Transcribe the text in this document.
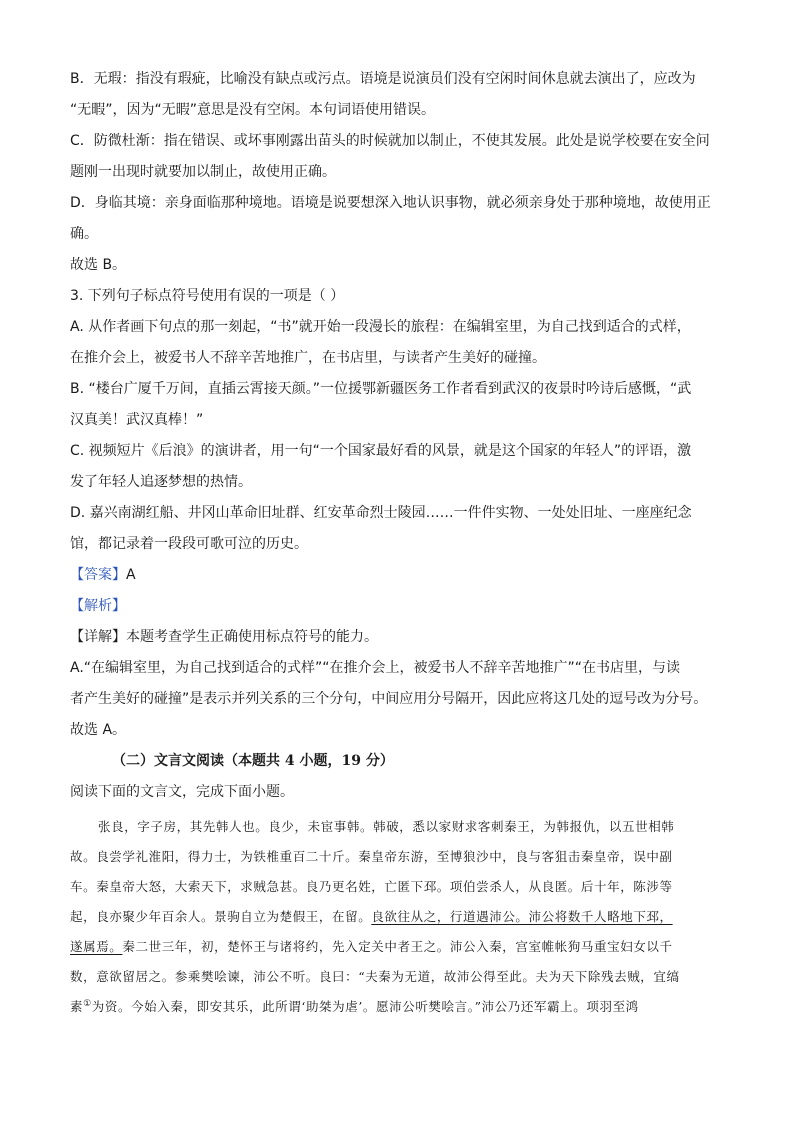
B．无瑕：指没有瑕疵，比喻没有缺点或污点。语境是说演员们没有空闲时间休息就去演出了，应改为
“无暇”，因为“无暇”意思是没有空闲。本句词语使用错误。
C．防微杜渐：指在错误、或坏事刚露出苗头的时候就加以制止，不使其发展。此处是说学校要在安全问
题刚一出现时就要加以制止，故使用正确。
D．身临其境：亲身面临那种境地。语境是说要想深入地认识事物，就必须亲身处于那种境地，故使用正
确。
故选 B。
3. 下列句子标点符号使用有误的一项是（ ）
A. 从作者画下句点的那一刻起，“书”就开始一段漫长的旅程：在编辑室里，为自己找到适合的式样，
在推介会上，被爱书人不辞辛苦地推广，在书店里，与读者产生美好的碰撞。
B. “楼台广厦千万间，直插云霄接天颜。”一位援鄂新疆医务工作者看到武汉的夜景时吟诗后感慨，“武
汉真美！武汉真棒！”
C. 视频短片《后浪》的演讲者，用一句“一个国家最好看的风景，就是这个国家的年轻人”的评语，激
发了年轻人追逐梦想的热情。
D. 嘉兴南湖红船、井冈山革命旧址群、红安革命烈士陵园……一件件实物、一处处旧址、一座座纪念
馆，都记录着一段段可歌可泣的历史。
【答案】A
【解析】
【详解】本题考查学生正确使用标点符号的能力。
A.“在编辑室里，为自己找到适合的式样”“在推介会上，被爱书人不辞辛苦地推广”“在书店里，与读
者产生美好的碰撞”是表示并列关系的三个分句，中间应用分号隔开，因此应将这几处的逗号改为分号。
故选 A。
（二）文言文阅读（本题共 4 小题，19 分）
阅读下面的文言文，完成下面小题。
张良，字子房，其先韩人也。良少，未宦事韩。韩破，悉以家财求客刺秦王，为韩报仇，以五世相韩
故。良尝学礼淮阳，得力士，为铁椎重百二十斤。秦皇帝东游，至博狼沙中，良与客狙击秦皇帝，误中副
车。秦皇帝大怒，大索天下，求贼急甚。良乃更名姓，亡匿下邳。项伯尝杀人，从良匿。后十年，陈涉等
起，良亦聚少年百余人。景驹自立为楚假王，在留。良欲往从之，行道遇沛公。沛公将数千人略地下邳，
遂属焉。秦二世三年，初，楚怀王与诸将约，先入定关中者王之。沛公入秦，宫室帷帐狗马重宝妇女以千
数，意欲留居之。参乘樊哙谏，沛公不听。良曰：“夫秦为无道，故沛公得至此。夫为天下除残去贼，宜缟
素①为资。今始入秦，即安其乐，此所谓‘助桀为虐’。愿沛公听樊哙言。”沛公乃还军霸上。项羽至鸿
